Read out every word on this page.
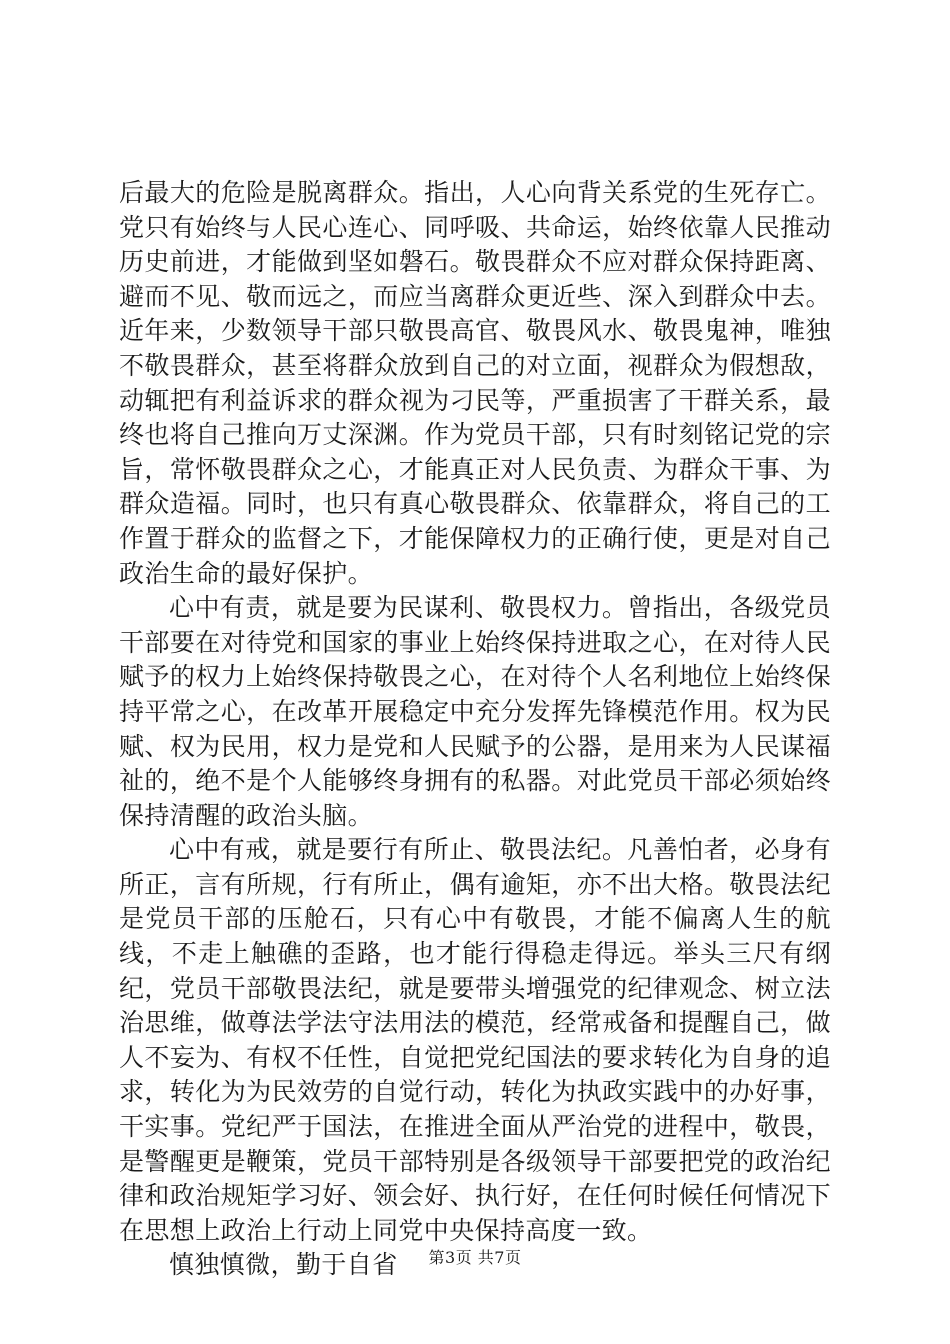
后最大的危险是脱离群众。指出，人心向背关系党的生死存亡。党只有始终与人民心连心、同呼吸、共命运，始终依靠人民推动历史前进，才能做到坚如磐石。敬畏群众不应对群众保持距离、避而不见、敬而远之，而应当离群众更近些、深入到群众中去。近年来，少数领导干部只敬畏高官、敬畏风水、敬畏鬼神，唯独不敬畏群众，甚至将群众放到自己的对立面，视群众为假想敌，动辄把有利益诉求的群众视为刁民等，严重损害了干群关系，最终也将自己推向万丈深渊。作为党员干部，只有时刻铭记党的宗旨，常怀敬畏群众之心，才能真正对人民负责、为群众干事、为群众造福。同时，也只有真心敬畏群众、依靠群众，将自己的工作置于群众的监督之下，才能保障权力的正确行使，更是对自己政治生命的最好保护。

心中有责，就是要为民谋利、敬畏权力。曾指出，各级党员干部要在对待党和国家的事业上始终保持进取之心，在对待人民赋予的权力上始终保持敬畏之心，在对待个人名利地位上始终保持平常之心，在改革开展稳定中充分发挥先锋模范作用。权为民赋、权为民用，权力是党和人民赋予的公器，是用来为人民谋福祉的，绝不是个人能够终身拥有的私器。对此党员干部必须始终保持清醒的政治头脑。

心中有戒，就是要行有所止、敬畏法纪。凡善怕者，必身有所正，言有所规，行有所止，偶有逾矩，亦不出大格。敬畏法纪是党员干部的压舱石，只有心中有敬畏，才能不偏离人生的航线，不走上触礁的歪路，也才能行得稳走得远。举头三尺有纲纪，党员干部敬畏法纪，就是要带头增强党的纪律观念、树立法治思维，做尊法学法守法用法的模范，经常戒备和提醒自己，做人不妄为、有权不任性，自觉把党纪国法的要求转化为自身的追求，转化为为民效劳的自觉行动，转化为执政实践中的办好事，干实事。党纪严于国法，在推进全面从严治党的进程中，敬畏，是警醒更是鞭策，党员干部特别是各级领导干部要把党的政治纪律和政治规矩学习好、领会好、执行好，在任何时候任何情况下在思想上政治上行动上同党中央保持高度一致。

慎独慎微，勤于自省	第3页 共7页
